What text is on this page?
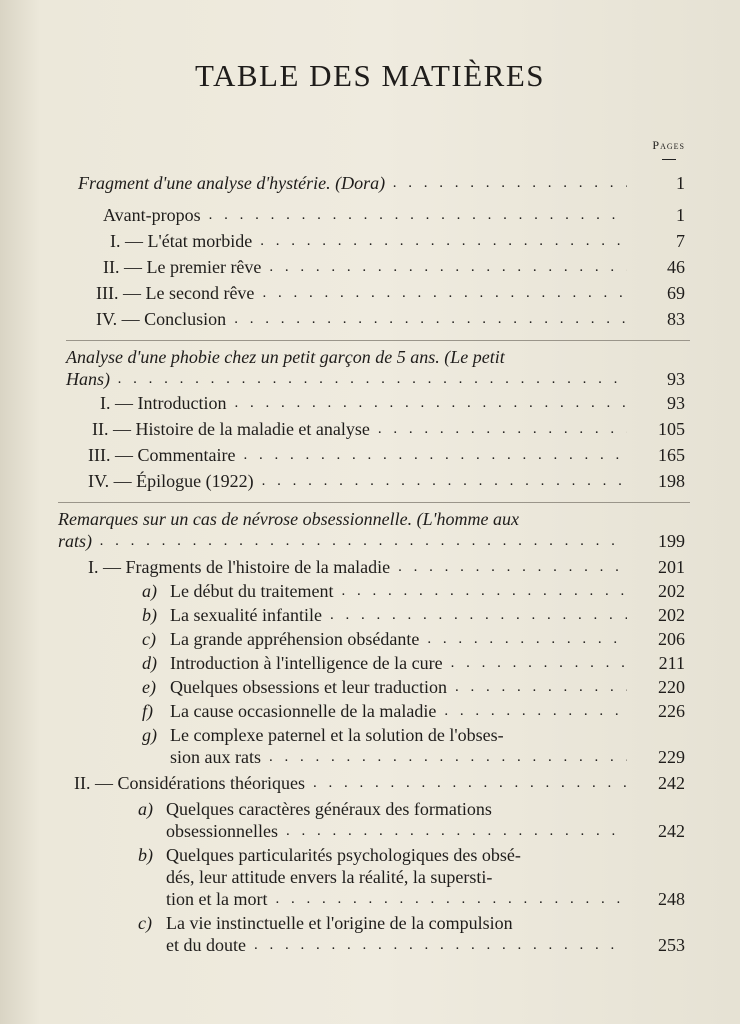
TABLE DES MATIÈRES
Pages
Fragment d'une analyse d'hystérie. (Dora) . . .	1
Avant-propos . . .	1
I. — L'état morbide . . .	7
II. — Le premier rêve . . .	46
III. — Le second rêve . . .	69
IV. — Conclusion . . .	83
Analyse d'une phobie chez un petit garçon de 5 ans. (Le petit
Hans) . . .	93
I. — Introduction . . .	93
II. — Histoire de la maladie et analyse . . .	105
III. — Commentaire . . .	165
IV. — Épilogue (1922) . . .	198
Remarques sur un cas de névrose obsessionnelle. (L'homme aux
rats) . . .	199
I. — Fragments de l'histoire de la maladie . . .	201
a) Le début du traitement . . .	202
b) La sexualité infantile . . .	202
c) La grande appréhension obsédante . . .	206
d) Introduction à l'intelligence de la cure . . .	211
e) Quelques obsessions et leur traduction . . .	220
f) La cause occasionnelle de la maladie . . .	226
g) Le complexe paternel et la solution de l'obses-
sion aux rats . . .	229
II. — Considérations théoriques . . .	242
a) Quelques caractères généraux des formations
obsessionnelles . . .	242
b) Quelques particularités psychologiques des obsé-
dés, leur attitude envers la réalité, la supersti-
tion et la mort . . .	248
c) La vie instinctuelle et l'origine de la compulsion
et du doute . . .	253
